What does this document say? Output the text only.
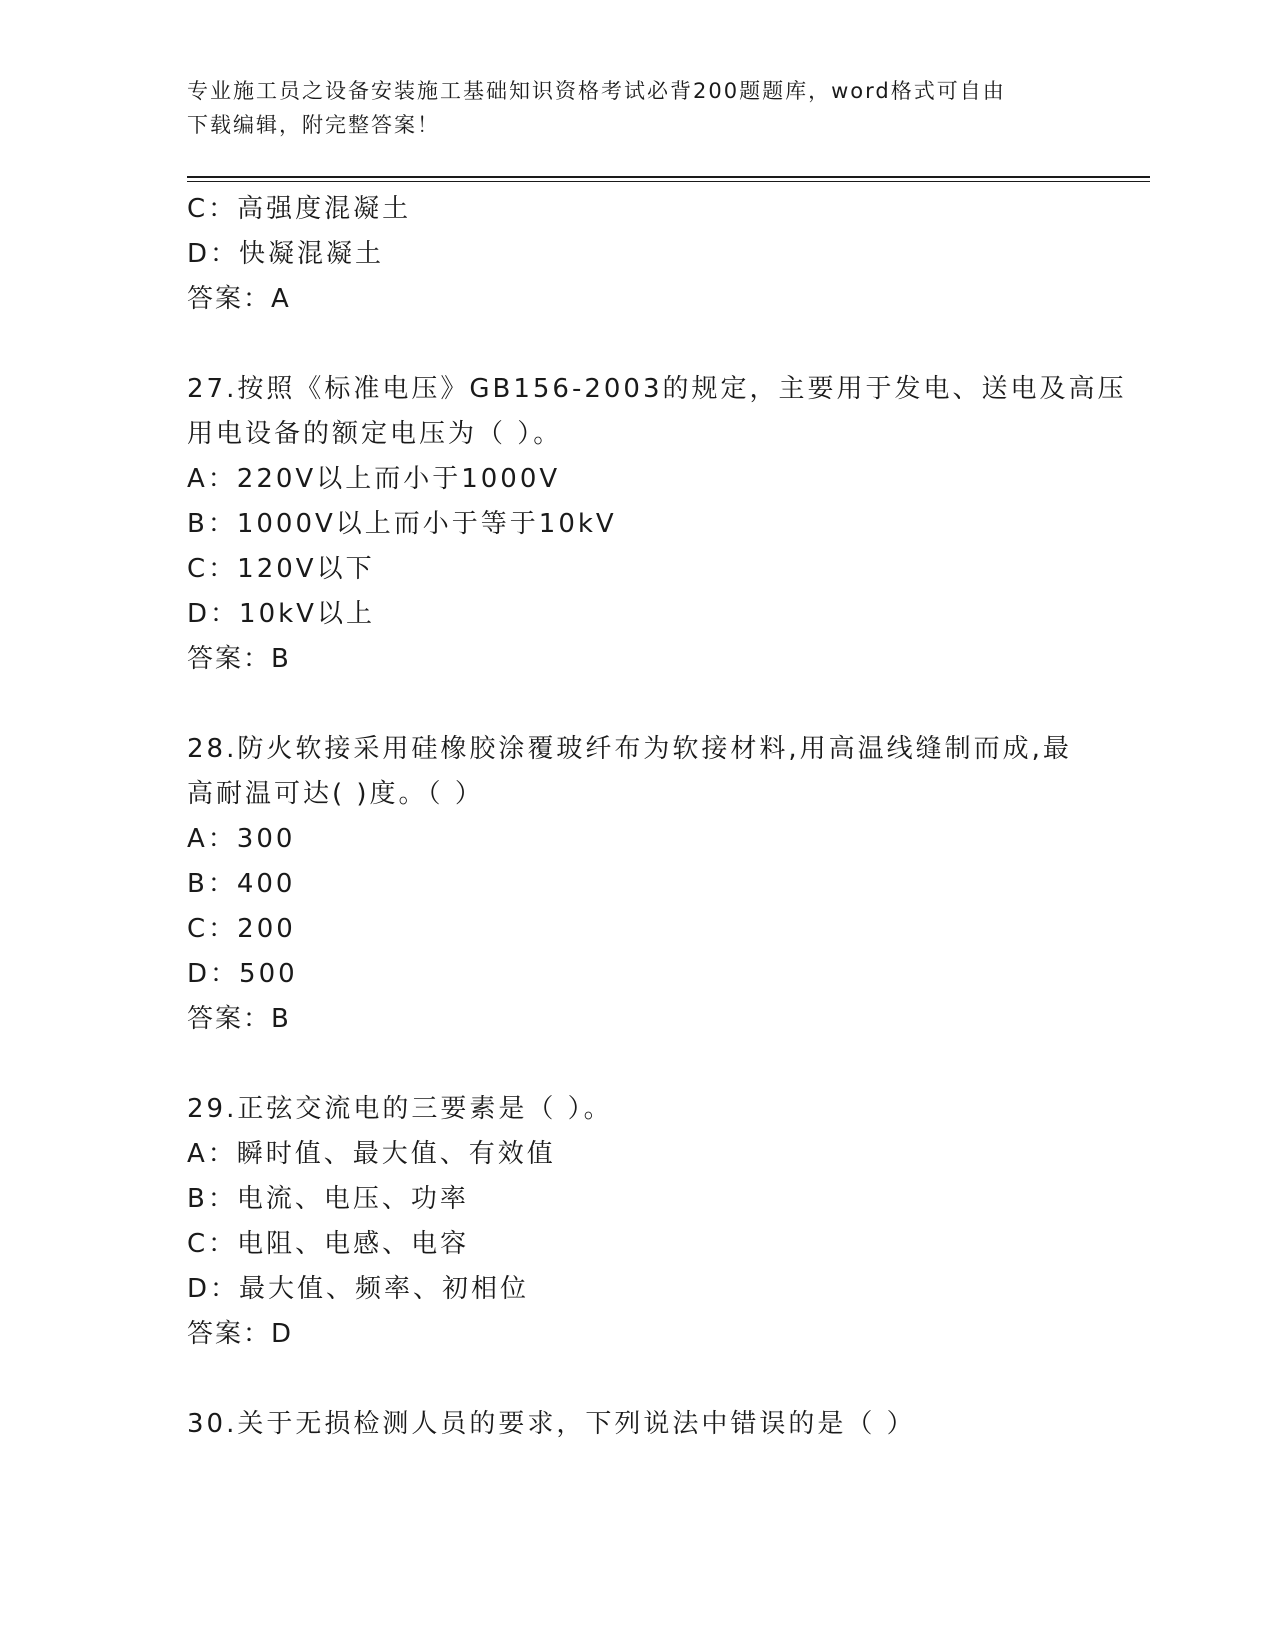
专业施工员之设备安装施工基础知识资格考试必背200题题库，word格式可自由
下载编辑，附完整答案！
C：高强度混凝土
D：快凝混凝土
答案：A
27.按照《标准电压》GB156-2003的规定，主要用于发电、送电及高压
用电设备的额定电压为（ ）。
A：220V以上而小于1000V
B：1000V以上而小于等于10kV
C：120V以下
D：10kV以上
答案：B
28.防火软接采用硅橡胶涂覆玻纤布为软接材料,用高温线缝制而成,最
高耐温可达( )度。（ ）
A：300
B：400
C：200
D：500
答案：B
29.正弦交流电的三要素是（ ）。
A：瞬时值、最大值、有效值
B：电流、电压、功率
C：电阻、电感、电容
D：最大值、频率、初相位
答案：D
30.关于无损检测人员的要求，下列说法中错误的是（ ）
